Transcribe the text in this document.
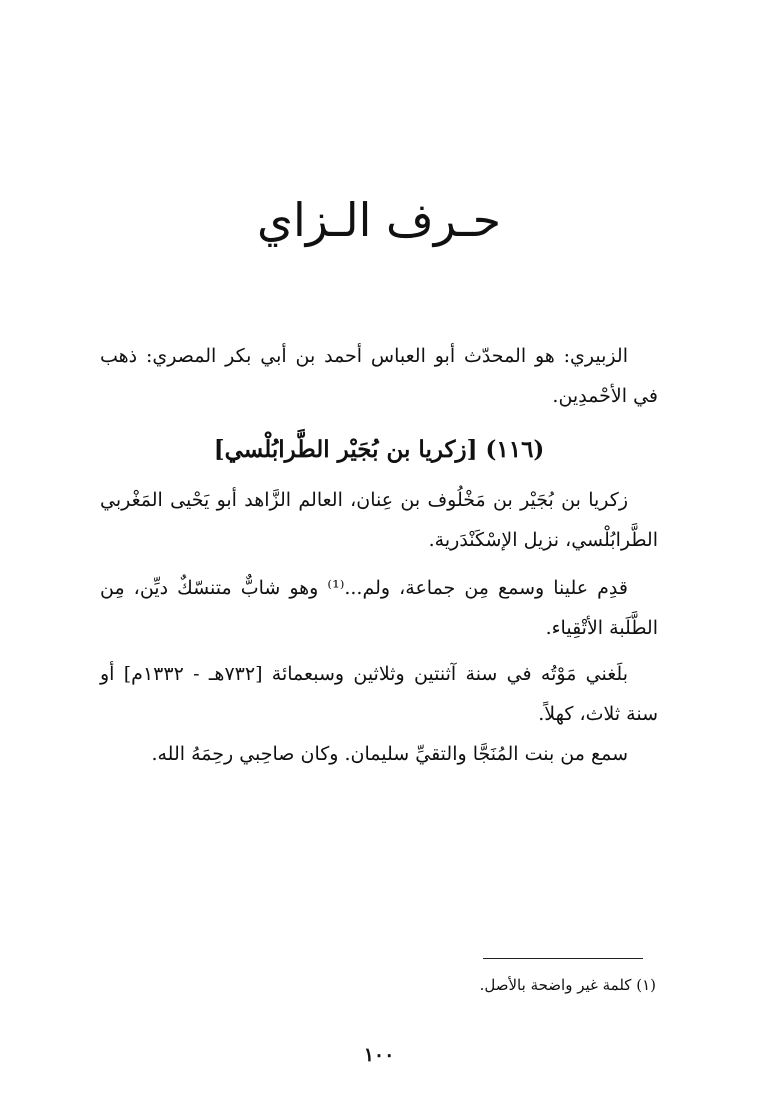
حـرف الـزاي
الزبيري: هو المحدّث أبو العباس أحمد بن أبي بكر المصري: ذهب في الأحْمدِين.
(١١٦) [زكريا بن بُجَيْر الطَّرابُلْسي]
زكريا بن بُجَيْر بن مَخْلُوف بن عِنان، العالم الزَّاهد أبو يَحْيى المَغْربي الطَّرابُلْسي، نزيل الإسْكَنْدَرية.
قدِم علينا وسمع مِن جماعة، ولم...⁽¹⁾ وهو شابٌّ متنسّكٌ ديِّن، مِن الطَّلَبة الأتْقِياء.
بلَغني مَوْتُه في سنة آثنتين وثلاثين وسبعمائة [٧٣٢هـ - ١٣٣٢م] أو سنة ثلاث، كهلاً.
سمع من بنت المُنَجَّا والتقيِّ سليمان. وكان صاحِبي رحِمَهُ الله.
(١) كلمة غير واضحة بالأصل.
١٠٠
